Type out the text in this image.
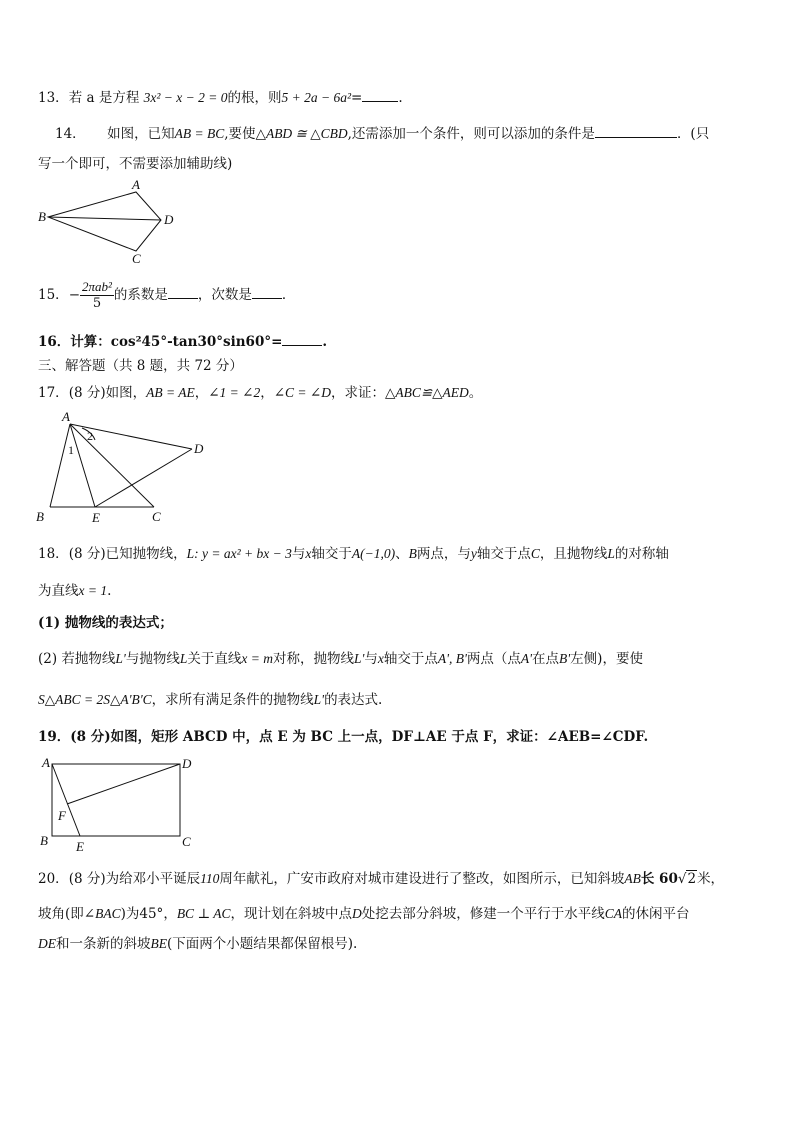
13．若 a 是方程 3x² − x − 2 = 0的根，则5 + 2a − 6a²=	.
14． 如图，已知AB = BC,要使△ABD ≅ △CBD,还需添加一个条件，则可以添加的条件是	．(只
写一个即可，不需要添加辅助线)
A
B
C
D
15．− $\frac{\text{2πab²}}{5}$ 的系数是 ，次数是 ．
16．计算：cos²45°-tan30°sin60°=	.
三、解答题（共 8 题，共 72 分）
17．(8 分)如图，AB = AE，∠1 = ∠2，∠C = ∠D，求证：△ABC≌△AED。
A
B	E	C
D
1
2
18．(8 分)已知抛物线，L: y = ax² + bx − 3与x轴交于A(−1,0)、B两点，与y轴交于点C，且抛物线L的对称轴
为直线x = 1.
(1) 抛物线的表达式；
(2) 若抛物线L'与抛物线L关于直线x = m对称，抛物线L'与x轴交于点A', B'两点（点A'在点B'左侧)，要使
S△ABC = 2S△A'B'C，求所有满足条件的抛物线L'的表达式.
19．(8 分)如图，矩形 ABCD 中，点 E 为 BC 上一点，DF⊥AE 于点 F，求证：∠AEB=∠CDF.
A	D
B	C
E
F
20．(8 分)为给邓小平诞辰110周年献礼，广安市政府对城市建设进行了整改，如图所示，已知斜坡AB长 60√2米，
坡角(即∠BAC)为45°，BC ⊥ AC，现计划在斜坡中点D处挖去部分斜坡，修建一个平行于水平线CA的休闲平台
DE和一条新的斜坡BE(下面两个小题结果都保留根号).
